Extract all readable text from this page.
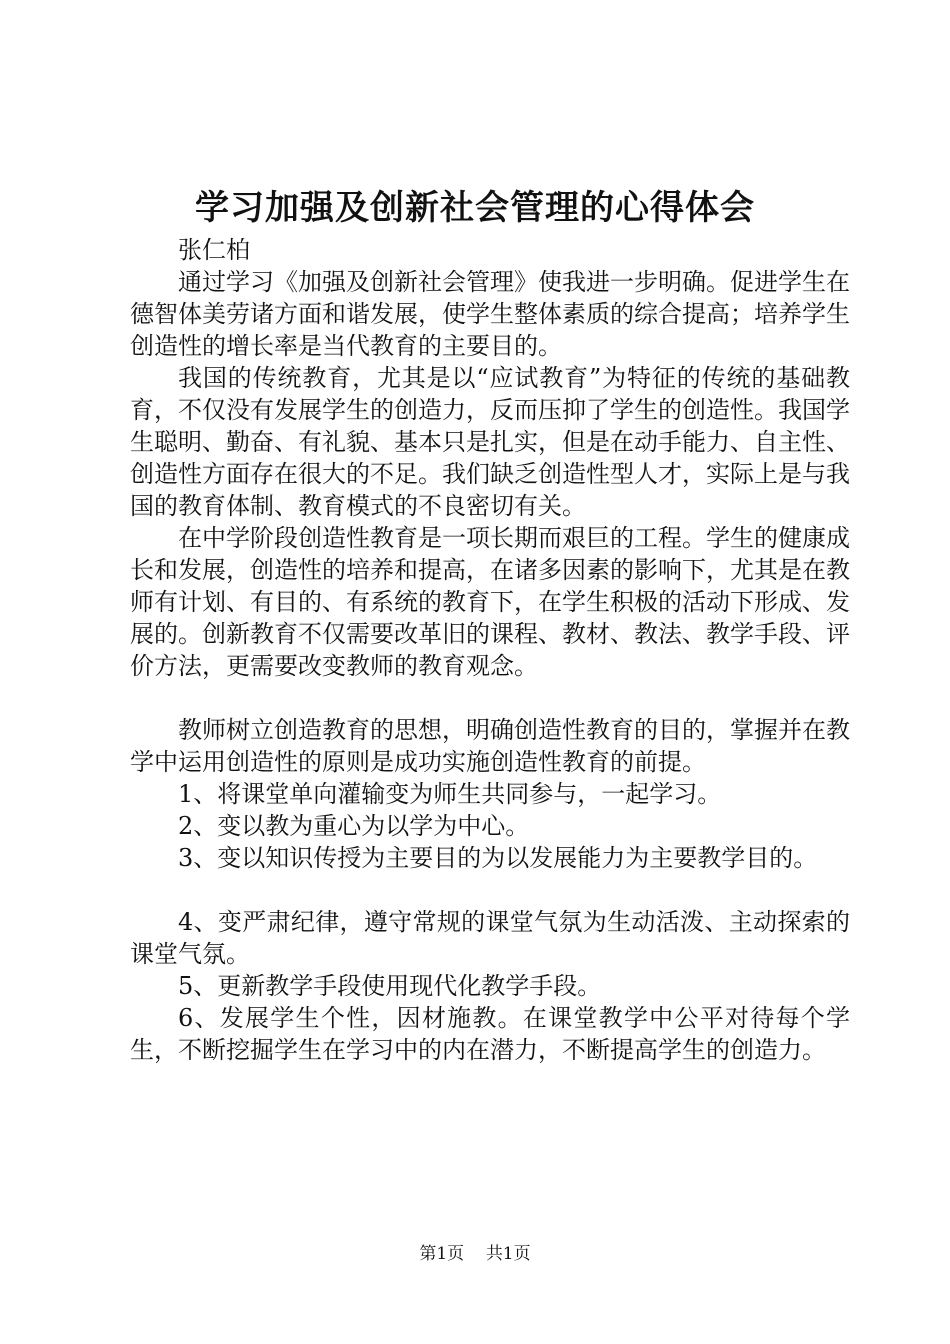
学习加强及创新社会管理的心得体会

张仁柏

通过学习《加强及创新社会管理》使我进一步明确。促进学生在德智体美劳诸方面和谐发展，使学生整体素质的综合提高；培养学生创造性的增长率是当代教育的主要目的。

我国的传统教育，尤其是以“应试教育”为特征的传统的基础教育，不仅没有发展学生的创造力，反而压抑了学生的创造性。我国学生聪明、勤奋、有礼貌、基本只是扎实，但是在动手能力、自主性、创造性方面存在很大的不足。我们缺乏创造性型人才，实际上是与我国的教育体制、教育模式的不良密切有关。

在中学阶段创造性教育是一项长期而艰巨的工程。学生的健康成长和发展，创造性的培养和提高，在诸多因素的影响下，尤其是在教师有计划、有目的、有系统的教育下，在学生积极的活动下形成、发展的。创新教育不仅需要改革旧的课程、教材、教法、教学手段、评价方法，更需要改变教师的教育观念。

教师树立创造教育的思想，明确创造性教育的目的，掌握并在教学中运用创造性的原则是成功实施创造性教育的前提。

1、将课堂单向灌输变为师生共同参与，一起学习。

2、变以教为重心为以学为中心。

3、变以知识传授为主要目的为以发展能力为主要教学目的。

4、变严肃纪律，遵守常规的课堂气氛为生动活泼、主动探索的课堂气氛。

5、更新教学手段使用现代化教学手段。

6、发展学生个性，因材施教。在课堂教学中公平对待每个学生，不断挖掘学生在学习中的内在潜力，不断提高学生的创造力。

第1页 共1页
